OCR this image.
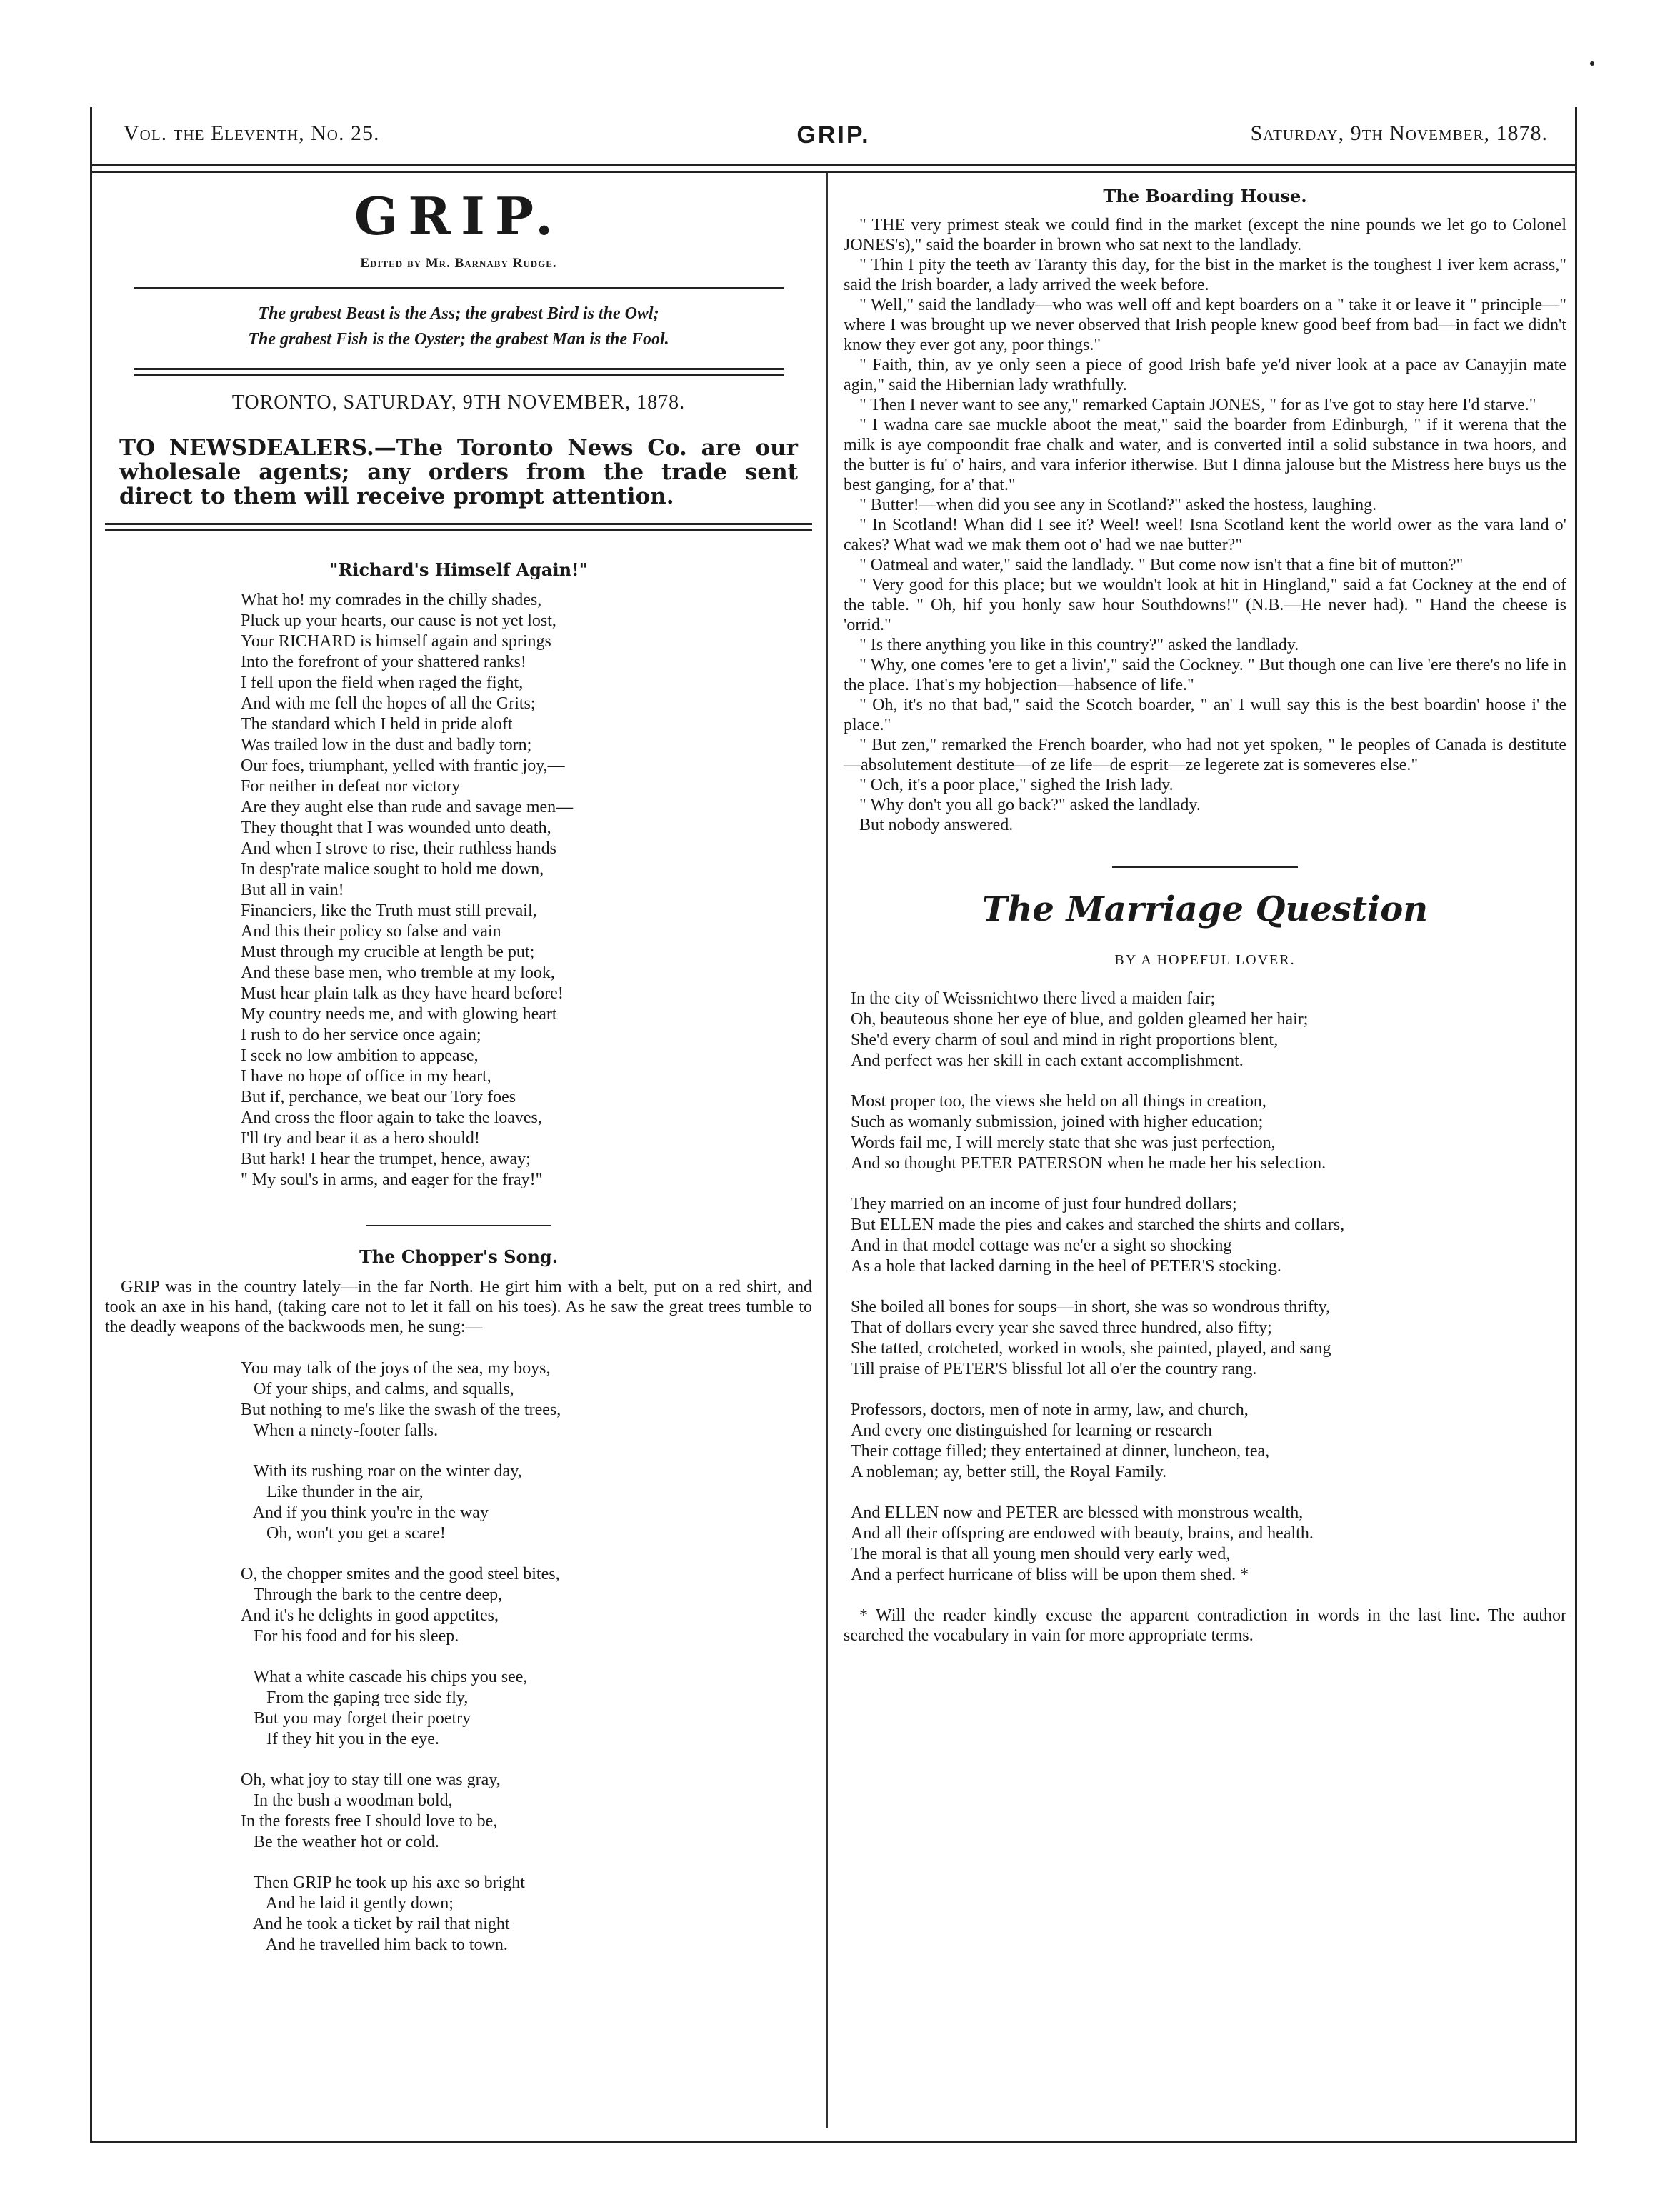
Vol. the Eleventh, No. 25.	GRIP.	Saturday, 9th November, 1878.
GRIP.
Edited by Mr. Barnaby Rudge.
The grabest Beast is the Ass; the grabest Bird is the Owl;
The grabest Fish is the Oyster; the grabest Man is the Fool.
TORONTO, SATURDAY, 9TH NOVEMBER, 1878.
TO NEWSDEALERS.—The Toronto News Co. are our wholesale agents; any orders from the trade sent direct to them will receive prompt attention.
"Richard's Himself Again!"
What ho! my comrades in the chilly shades,
Pluck up your hearts, our cause is not yet lost,
Your RICHARD is himself again and springs
Into the forefront of your shattered ranks!
I fell upon the field when raged the fight,
And with me fell the hopes of all the Grits;
The standard which I held in pride aloft
Was trailed low in the dust and badly torn;
Our foes, triumphant, yelled with frantic joy,—
For neither in defeat nor victory
Are they aught else than rude and savage men—
They thought that I was wounded unto death,
And when I strove to rise, their ruthless hands
In desp'rate malice sought to hold me down,
But all in vain!
Financiers, like the Truth must still prevail,
And this their policy so false and vain
Must through my crucible at length be put;
And these base men, who tremble at my look,
Must hear plain talk as they have heard before!
My country needs me, and with glowing heart
I rush to do her service once again;
I seek no low ambition to appease,
I have no hope of office in my heart,
But if, perchance, we beat our Tory foes
And cross the floor again to take the loaves,
I'll try and bear it as a hero should!
But hark! I hear the trumpet, hence, away;
" My soul's in arms, and eager for the fray!"
The Chopper's Song.

GRIP was in the country lately—in the far North. He girt him with a belt, put on a red shirt, and took an axe in his hand, (taking care not to let it fall on his toes). As he saw the great trees tumble to the deadly weapons of the backwoods men, he sung:—

You may talk of the joys of the sea, my boys,
Of your ships, and calms, and squalls,
But nothing to me's like the swash of the trees,
When a ninety-footer falls.
With its rushing roar on the winter day,
Like thunder in the air,
And if you think you're in the way
Oh, won't you get a scare!
O, the chopper smites and the good steel bites,
Through the bark to the centre deep,
And it's he delights in good appetites,
For his food and for his sleep.
What a white cascade his chips you see,
From the gaping tree side fly,
But you may forget their poetry
If they hit you in the eye.
Oh, what joy to stay till one was gray,
In the bush a woodman bold,
In the forests free I should love to be,
Be the weather hot or cold.
Then GRIP he took up his axe so bright
And he laid it gently down;
And he took a ticket by rail that night
And he travelled him back to town.
The Boarding House.

" THE very primest steak we could find in the market (except the nine pounds we let go to Colonel JONES's)," said the boarder in brown who sat next to the landlady.

" Thin I pity the teeth av Taranty this day, for the bist in the market is the toughest I iver kem acrass," said the Irish boarder, a lady arrived the week before.

" Well," said the landlady—who was well off and kept boarders on a " take it or leave it " principle—" where I was brought up we never observed that Irish people knew good beef from bad—in fact we didn't know they ever got any, poor things."

" Faith, thin, av ye only seen a piece of good Irish bafe ye'd niver look at a pace av Canayjin mate agin," said the Hibernian lady wrathfully.

" Then I never want to see any," remarked Captain JONES, " for as I've got to stay here I'd starve."

" I wadna care sae muckle aboot the meat," said the boarder from Edinburgh, " if it werena that the milk is aye compoondit frae chalk and water, and is converted intil a solid substance in twa hoors, and the butter is fu' o' hairs, and vara inferior itherwise. But I dinna jalouse but the Mistress here buys us the best ganging, for a' that."

" Butter!—when did you see any in Scotland?" asked the hostess, laughing.

" In Scotland! Whan did I see it? Weel! weel! Isna Scotland kent the world ower as the vara land o' cakes? What wad we mak them oot o' had we nae butter?"

" Oatmeal and water," said the landlady. " But come now isn't that a fine bit of mutton?"

" Very good for this place; but we wouldn't look at hit in Hingland," said a fat Cockney at the end of the table. " Oh, hif you honly saw hour Southdowns!" (N.B.—He never had). " Hand the cheese is 'orrid."

" Is there anything you like in this country?" asked the landlady.

" Why, one comes 'ere to get a livin'," said the Cockney. " But though one can live 'ere there's no life in the place. That's my hobjection—habsence of life."

" Oh, it's no that bad," said the Scotch boarder, " an' I wull say this is the best boardin' hoose i' the place."

" But zen," remarked the French boarder, who had not yet spoken, " le peoples of Canada is destitute—absolutement destitute—of ze life—de esprit—ze legerete zat is someveres else."

" Och, it's a poor place," sighed the Irish lady.

" Why don't you all go back?" asked the landlady.

But nobody answered.

The Marriage Question
BY A HOPEFUL LOVER.
In the city of Weissnichtwo there lived a maiden fair;
Oh, beauteous shone her eye of blue, and golden gleamed her hair;
She'd every charm of soul and mind in right proportions blent,
And perfect was her skill in each extant accomplishment.
Most proper too, the views she held on all things in creation,
Such as womanly submission, joined with higher education;
Words fail me, I will merely state that she was just perfection,
And so thought PETER PATERSON when he made her his selection.
They married on an income of just four hundred dollars;
But ELLEN made the pies and cakes and starched the shirts and collars,
And in that model cottage was ne'er a sight so shocking
As a hole that lacked darning in the heel of PETER'S stocking.
She boiled all bones for soups—in short, she was so wondrous thrifty,
That of dollars every year she saved three hundred, also fifty;
She tatted, crotcheted, worked in wools, she painted, played, and sang
Till praise of PETER'S blissful lot all o'er the country rang.
Professors, doctors, men of note in army, law, and church,
And every one distinguished for learning or research
Their cottage filled; they entertained at dinner, luncheon, tea,
A nobleman; ay, better still, the Royal Family.
And ELLEN now and PETER are blessed with monstrous wealth,
And all their offspring are endowed with beauty, brains, and health.
The moral is that all young men should very early wed,
And a perfect hurricane of bliss will be upon them shed. *

* Will the reader kindly excuse the apparent contradiction in words in the last line. The author searched the vocabulary in vain for more appropriate terms.
